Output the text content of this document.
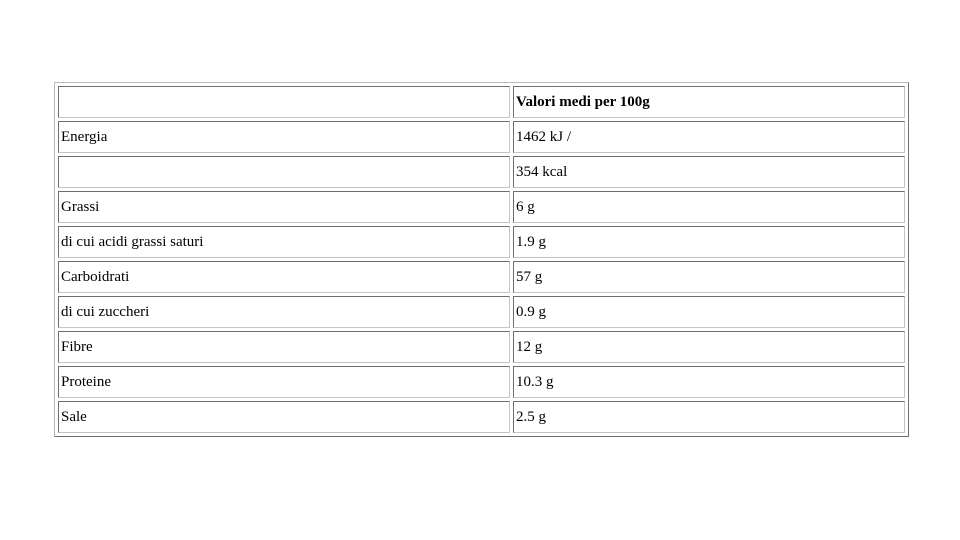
	Valori medi per 100g
Energia	1462 kJ /
	354 kcal
Grassi	6 g
di cui acidi grassi saturi	1.9 g
Carboidrati	57 g
di cui zuccheri	0.9 g
Fibre	12 g
Proteine	10.3 g
Sale	2.5 g
